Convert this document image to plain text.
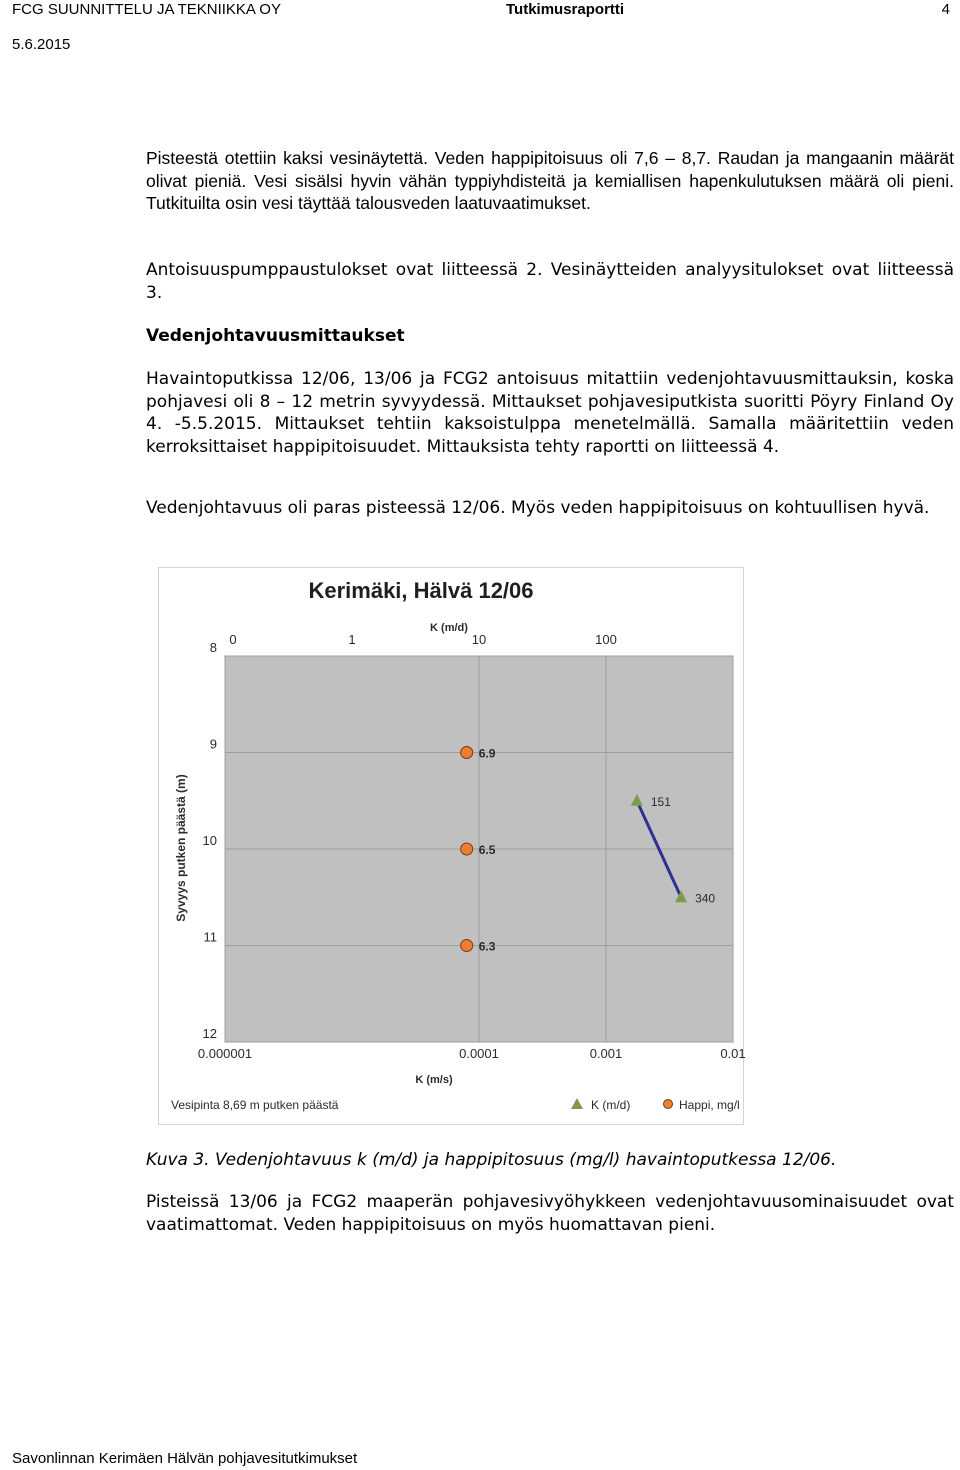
FCG SUUNNITTELU JA TEKNIIKKA OY	Tutkimusraportti	4
5.6.2015

Pisteestä otettiin kaksi vesinäytettä. Veden happipitoisuus oli 7,6 – 8,7. Raudan ja mangaanin määrät olivat pieniä. Vesi sisälsi hyvin vähän typpiyhdisteitä ja kemiallisen hapenkulutuksen määrä oli pieni. Tutkituilta osin vesi täyttää talousveden laatuvaatimukset.

Antoisuuspumppaustulokset ovat liitteessä 2. Vesinäytteiden analyysitulokset ovat liitteessä 3.

Vedenjohtavuusmittaukset

Havaintoputkissa 12/06, 13/06 ja FCG2 antoisuus mitattiin vedenjohtavuusmittauksin, koska pohjavesi oli 8 – 12 metrin syvyydessä. Mittaukset pohjavesiputkista suoritti Pöyry Finland Oy 4. -5.5.2015. Mittaukset tehtiin kaksoistulppa menetelmällä. Samalla määritettiin veden kerroksittaiset happipitoisuudet. Mittauksista tehty raportti on liitteessä 4.

Vedenjohtavuus oli paras pisteessä 12/06. Myös veden happipitoisuus on kohtuullisen hyvä.

Kerimäki, Hälvä 12/06
K (m/d)
8
9
10
11
12
0.000001	0.0001	0.001	0.01
0	1	10	100
151
340
6.9
6.5
6.3
Syvyys putken päästä (m)
K (m/s)
Vesipinta 8,69 m putken päästä	K (m/d)	Happi, mg/l
Kuva 3. Vedenjohtavuus k (m/d) ja happipitosuus (mg/l) havaintoputkessa 12/06.

Pisteissä 13/06 ja FCG2 maaperän pohjavesivyöhykkeen vedenjohtavuusominaisuudet ovat vaatimattomat. Veden happipitoisuus on myös huomattavan pieni.

Savonlinnan Kerimäen Hälvän pohjavesitutkimukset
